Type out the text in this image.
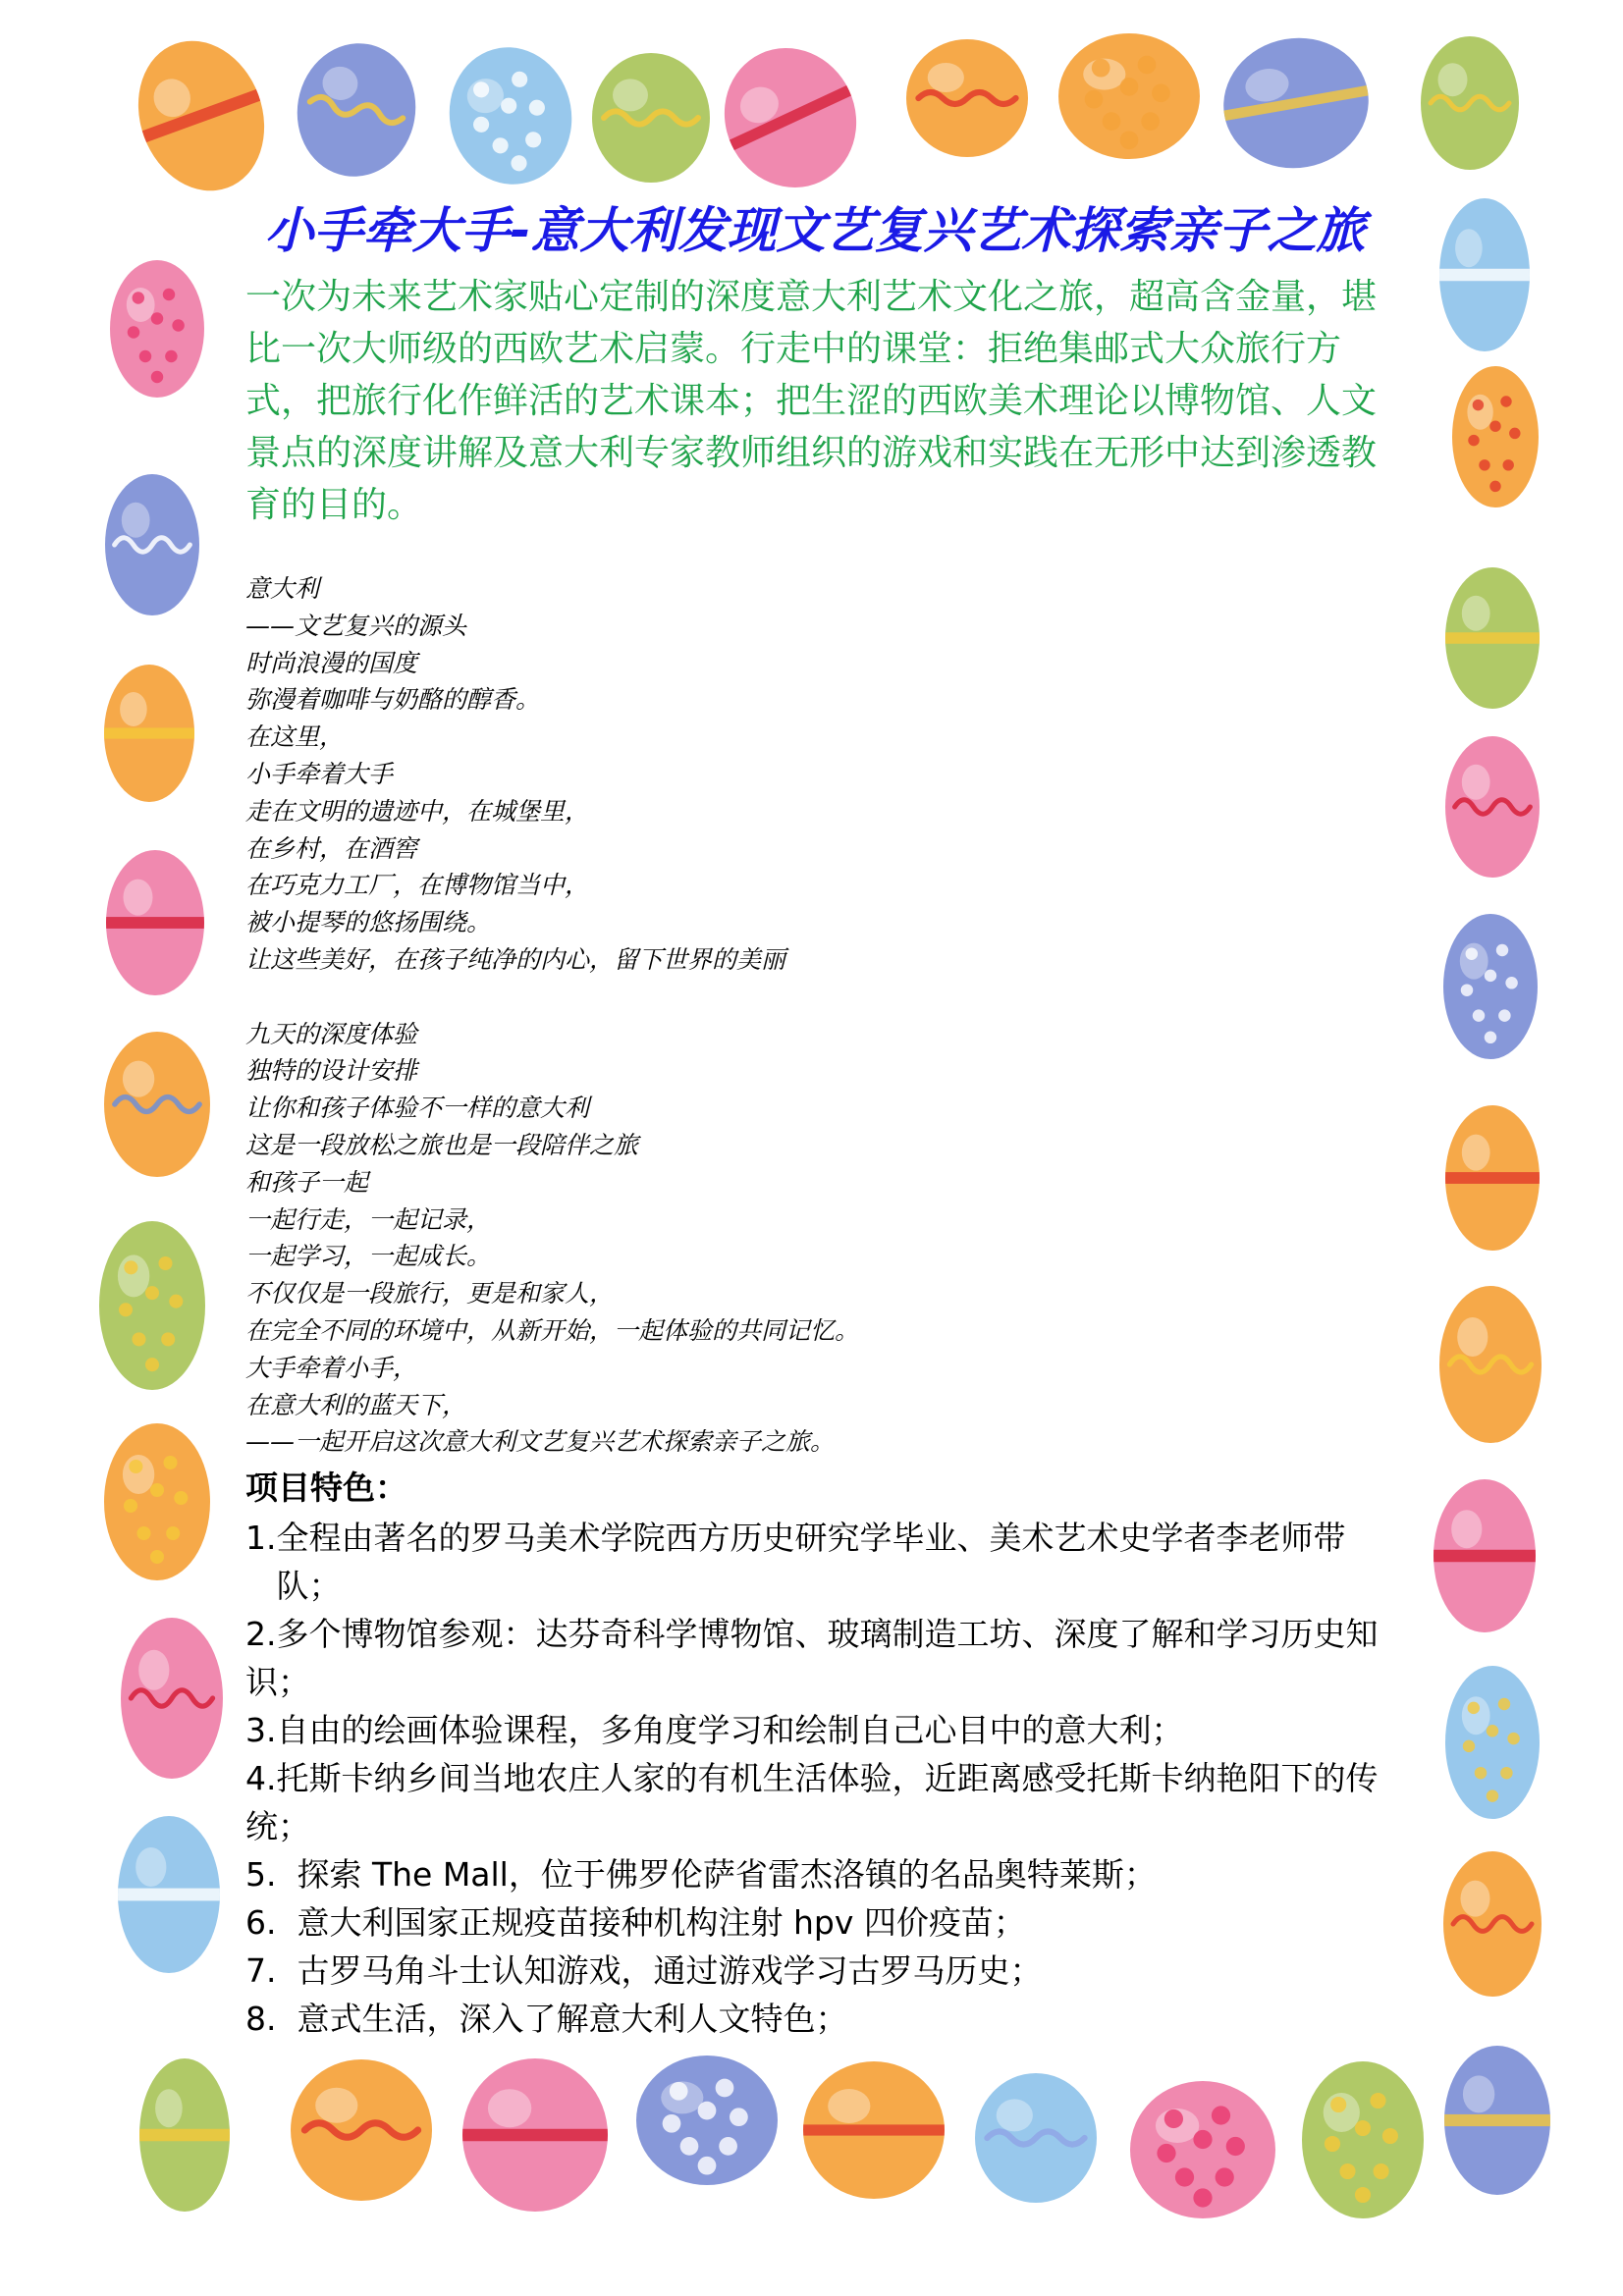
小手牵大手-意大利发现文艺复兴艺术探索亲子之旅

一次为未来艺术家贴心定制的深度意大利艺术文化之旅，超高含金量，堪比一次大师级的西欧艺术启蒙。行走中的课堂：拒绝集邮式大众旅行方式，把旅行化作鲜活的艺术课本；把生涩的西欧美术理论以博物馆、人文景点的深度讲解及意大利专家教师组织的游戏和实践在无形中达到渗透教育的目的。

意大利
——文艺复兴的源头
时尚浪漫的国度
弥漫着咖啡与奶酪的醇香。
在这里，
小手牵着大手
走在文明的遗迹中，在城堡里，
在乡村，在酒窖
在巧克力工厂，在博物馆当中，
被小提琴的悠扬围绕。
让这些美好，在孩子纯净的内心，留下世界的美丽
九天的深度体验
独特的设计安排
让你和孩子体验不一样的意大利
这是一段放松之旅也是一段陪伴之旅
和孩子一起
一起行走，一起记录，
一起学习，一起成长。
不仅仅是一段旅行，更是和家人，
在完全不同的环境中，从新开始，一起体验的共同记忆。
大手牵着小手，
在意大利的蓝天下，
——一起开启这次意大利文艺复兴艺术探索亲子之旅。
项目特色：
1. 全程由著名的罗马美术学院西方历史研究学毕业、美术艺术史学者李老师带队；
2.多个博物馆参观：达芬奇科学博物馆、玻璃制造工坊、深度了解和学习历史知识；
3. 自由的绘画体验课程，多角度学习和绘制自己心目中的意大利；
4.托斯卡纳乡间当地农庄人家的有机生活体验，近距离感受托斯卡纳艳阳下的传统；
5. 探索 The Mall，位于佛罗伦萨省雷杰洛镇的名品奥特莱斯；
6. 意大利国家正规疫苗接种机构注射 hpv 四价疫苗；
7. 古罗马角斗士认知游戏，通过游戏学习古罗马历史；
8. 意式生活，深入了解意大利人文特色；
